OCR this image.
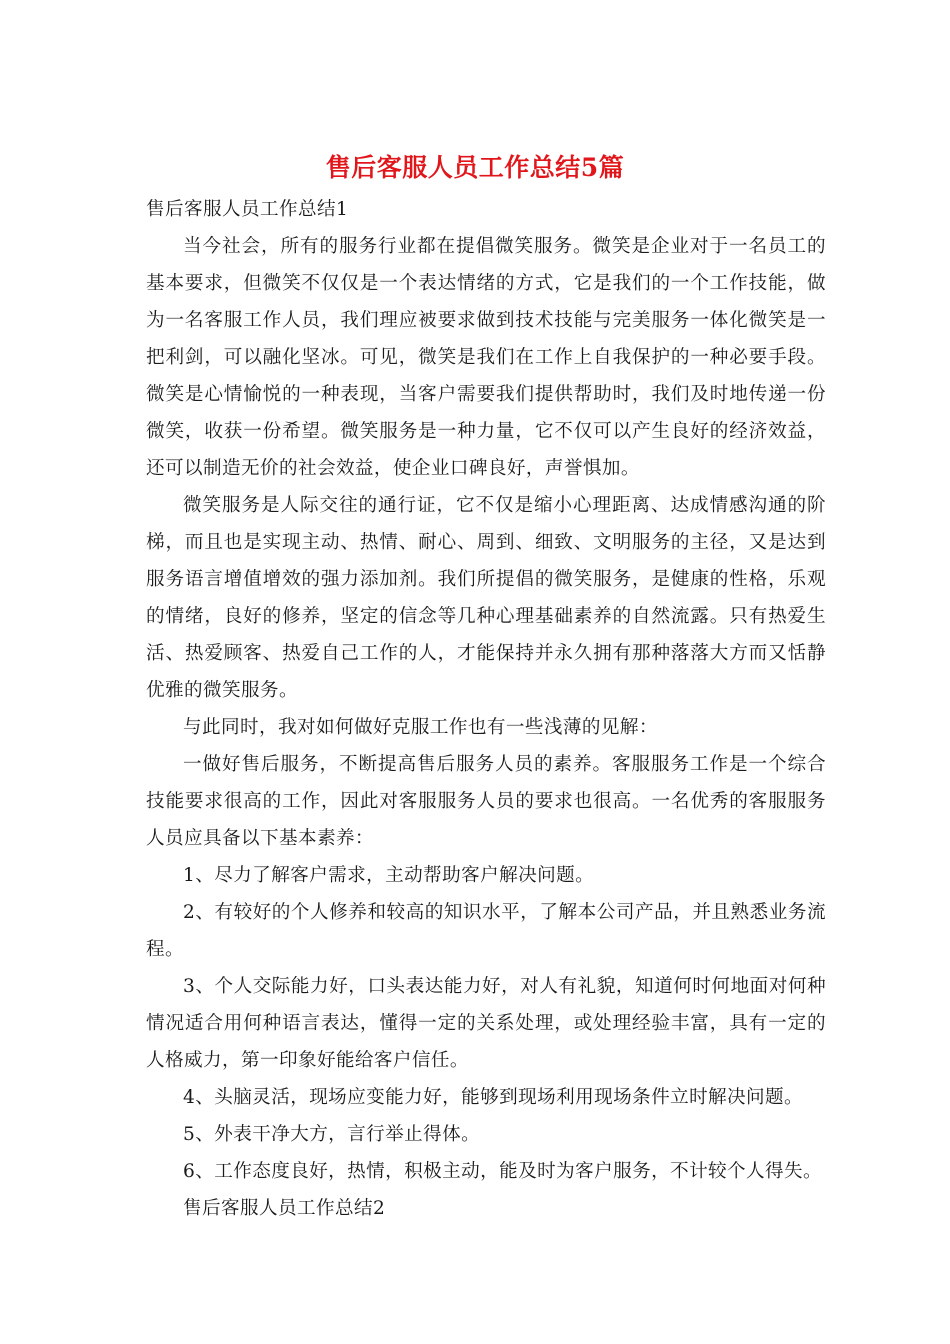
售后客服人员工作总结5篇

售后客服人员工作总结1

当今社会，所有的服务行业都在提倡微笑服务。微笑是企业对于一名员工的基本要求，但微笑不仅仅是一个表达情绪的方式，它是我们的一个工作技能，做为一名客服工作人员，我们理应被要求做到技术技能与完美服务一体化微笑是一把利剑，可以融化坚冰。可见，微笑是我们在工作上自我保护的一种必要手段。微笑是心情愉悦的一种表现，当客户需要我们提供帮助时，我们及时地传递一份微笑，收获一份希望。微笑服务是一种力量，它不仅可以产生良好的经济效益，还可以制造无价的社会效益，使企业口碑良好，声誉惧加。

微笑服务是人际交往的通行证，它不仅是缩小心理距离、达成情感沟通的阶梯，而且也是实现主动、热情、耐心、周到、细致、文明服务的主径，又是达到服务语言增值增效的强力添加剂。我们所提倡的微笑服务，是健康的性格，乐观的情绪，良好的修养，坚定的信念等几种心理基础素养的自然流露。只有热爱生活、热爱顾客、热爱自己工作的人，才能保持并永久拥有那种落落大方而又恬静优雅的微笑服务。

与此同时，我对如何做好克服工作也有一些浅薄的见解：

一做好售后服务，不断提高售后服务人员的素养。客服服务工作是一个综合技能要求很高的工作，因此对客服服务人员的要求也很高。一名优秀的客服服务人员应具备以下基本素养：

1、尽力了解客户需求，主动帮助客户解决问题。

2、有较好的个人修养和较高的知识水平，了解本公司产品，并且熟悉业务流程。

3、个人交际能力好，口头表达能力好，对人有礼貌，知道何时何地面对何种情况适合用何种语言表达，懂得一定的关系处理，或处理经验丰富，具有一定的人格威力，第一印象好能给客户信任。

4、头脑灵活，现场应变能力好，能够到现场利用现场条件立时解决问题。

5、外表干净大方，言行举止得体。

6、工作态度良好，热情，积极主动，能及时为客户服务，不计较个人得失。

售后客服人员工作总结2
